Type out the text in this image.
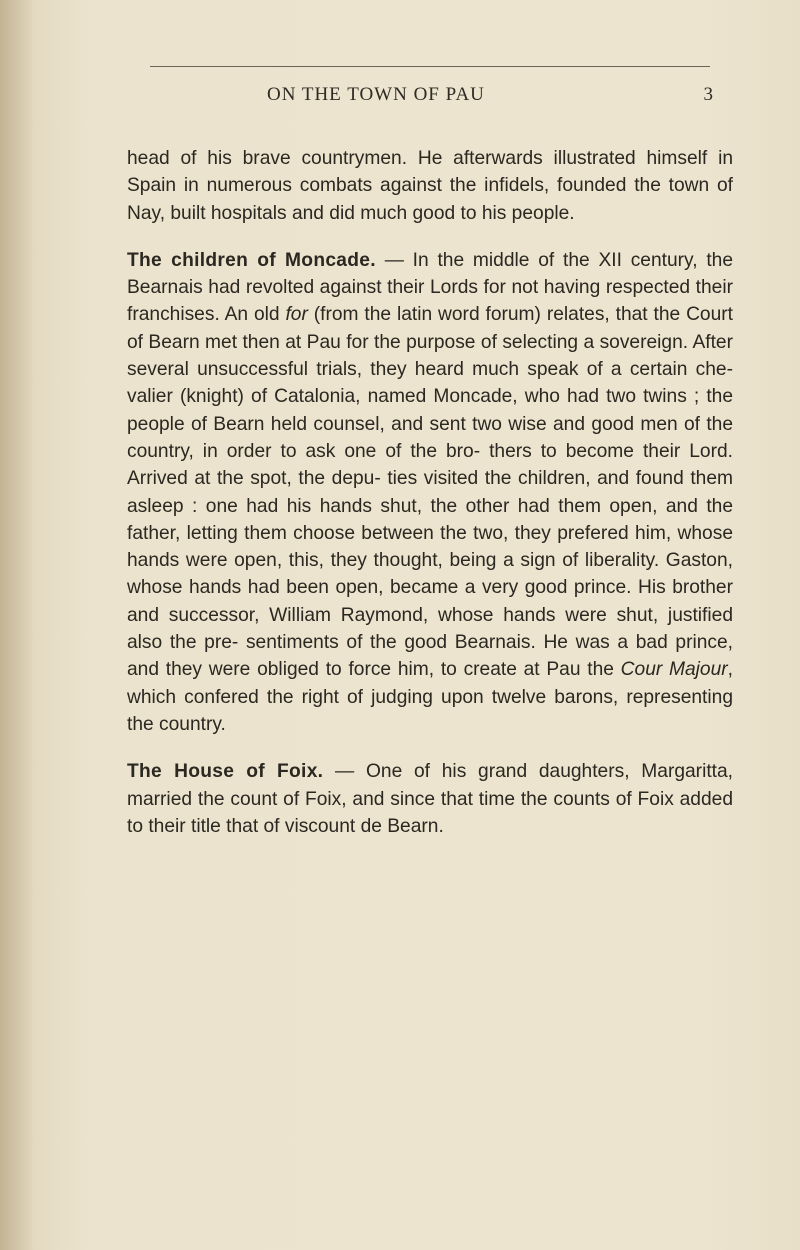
ON THE TOWN OF PAU	3

head of his brave countrymen. He afterwards illustrated himself in Spain in numerous combats against the infidels, founded the town of Nay, built hospitals and did much good to his people.

The children of Moncade. — In the middle of the XII century, the Bearnais had revolted against their Lords for not having respected their franchises. An old for (from the latin word forum) relates, that the Court of Bearn met then at Pau for the purpose of selecting a sovereign. After several unsuccessful trials, they heard much speak of a certain che- valier (knight) of Catalonia, named Moncade, who had two twins ; the people of Bearn held counsel, and sent two wise and good men of the country, in order to ask one of the bro- thers to become their Lord. Arrived at the spot, the depu- ties visited the children, and found them asleep : one had his hands shut, the other had them open, and the father, letting them choose between the two, they prefered him, whose hands were open, this, they thought, being a sign of liberality. Gaston, whose hands had been open, became a very good prince. His brother and successor, William Raymond, whose hands were shut, justified also the pre- sentiments of the good Bearnais. He was a bad prince, and they were obliged to force him, to create at Pau the Cour Majour, which confered the right of judging upon twelve barons, representing the country.

The House of Foix. — One of his grand daughters, Margaritta, married the count of Foix, and since that time the counts of Foix added to their title that of viscount de Bearn.
